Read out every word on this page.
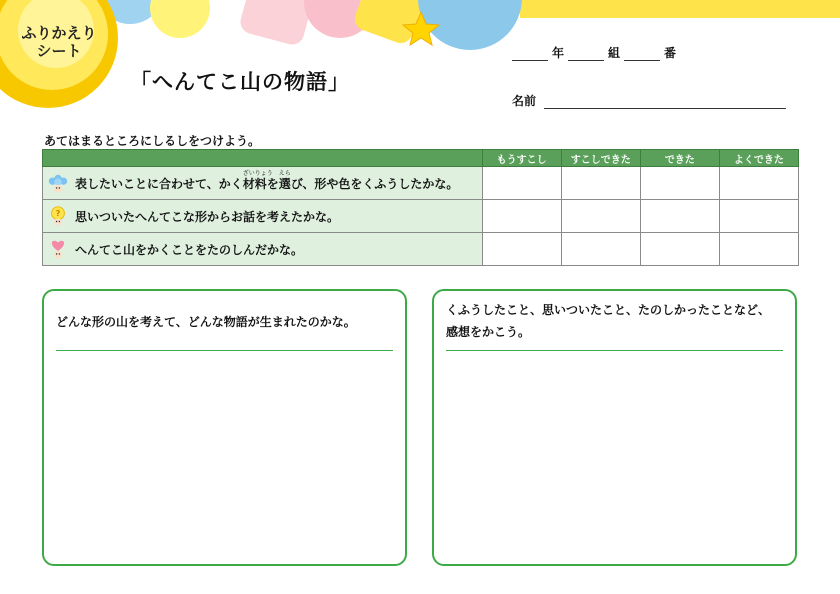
ふりかえり
シート
「へんてこ山の物語」
年	組	番
名前
あてはまるところにしるしをつけよう。
	もうすこし	すこしできた	できた	よくできた

表したいことに合わせて、かく
ざいりょう
材料を
えら
選び、形や色をくふうしたかな。				

? 思いついたへんてこな形からお話を考えたかな。				

へんてこ山をかくことをたのしんだかな。				

どんな形の山を考えて、どんな物語が生まれたのかな。
くふうしたこと、思いついたこと、たのしかったことなど、
感想をかこう。
